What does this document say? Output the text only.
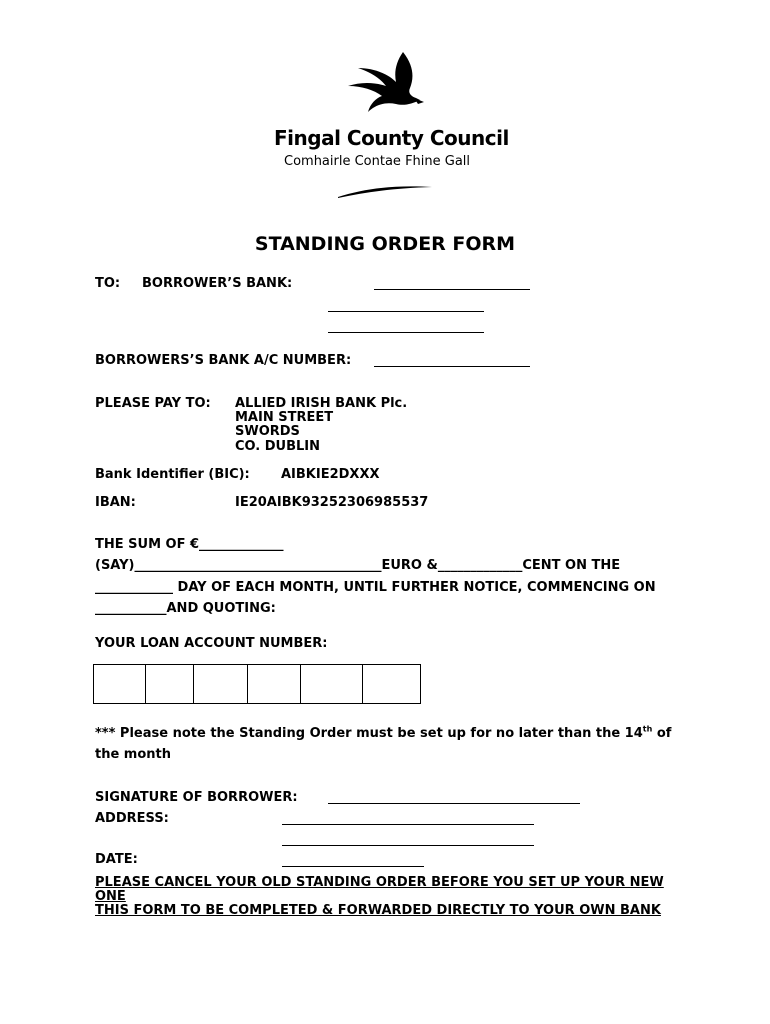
Fingal County Council
Comhairle Contae Fhine Gall
STANDING ORDER FORM
TO: BORROWER’S BANK:
BORROWERS’S BANK A/C NUMBER:
PLEASE PAY TO: ALLIED IRISH BANK Plc.
MAIN STREET
SWORDS
CO. DUBLIN
Bank Identifier (BIC): AIBKIE2DXXX
IBAN:	IE20AIBK93252306985537
THE SUM OF €_____________
(SAY)______________________________________EURO &_____________CENT ON THE
____________ DAY OF EACH MONTH, UNTIL FURTHER NOTICE, COMMENCING ON
___________AND QUOTING:
YOUR LOAN ACCOUNT NUMBER:
*** Please note the Standing Order must be set up for no later than the 14th of
the month
SIGNATURE OF BORROWER:
ADDRESS:
DATE:
PLEASE CANCEL YOUR OLD STANDING ORDER BEFORE YOU SET UP YOUR NEW
ONE
THIS FORM TO BE COMPLETED & FORWARDED DIRECTLY TO YOUR OWN BANK
